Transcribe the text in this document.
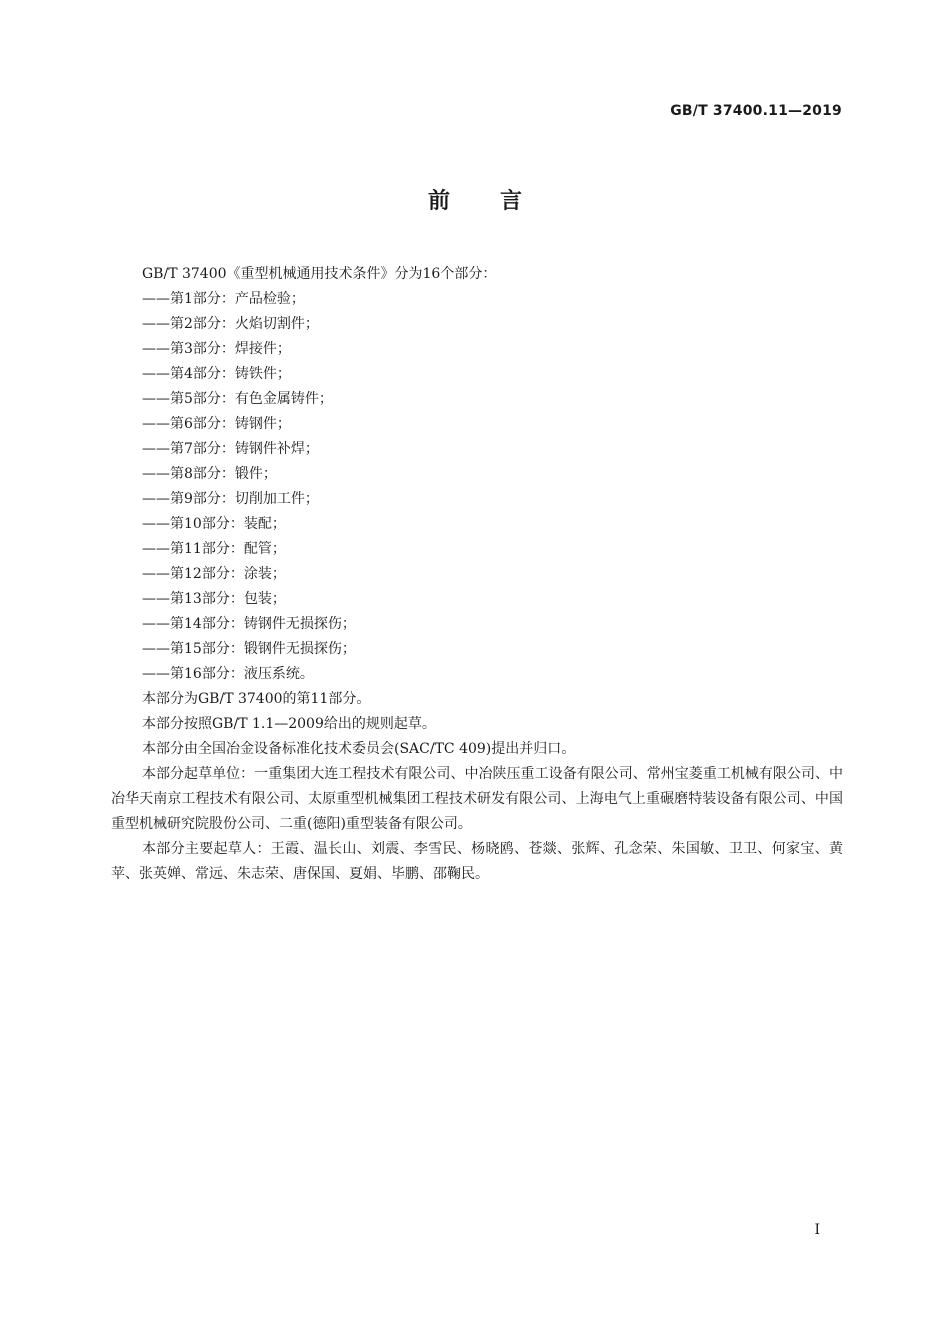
GB/T 37400.11—2019
前言

GB/T 37400《重型机械通用技术条件》分为16个部分：

——第1部分：产品检验；

——第2部分：火焰切割件；

——第3部分：焊接件；

——第4部分：铸铁件；

——第5部分：有色金属铸件；

——第6部分：铸钢件；

——第7部分：铸钢件补焊；

——第8部分：锻件；

——第9部分：切削加工件；

——第10部分：装配；

——第11部分：配管；

——第12部分：涂装；

——第13部分：包装；

——第14部分：铸钢件无损探伤；

——第15部分：锻钢件无损探伤；

——第16部分：液压系统。

本部分为GB/T 37400的第11部分。

本部分按照GB/T 1.1—2009给出的规则起草。

本部分由全国冶金设备标准化技术委员会(SAC/TC 409)提出并归口。

本部分起草单位：一重集团大连工程技术有限公司、中冶陕压重工设备有限公司、常州宝菱重工机械有限公司、中冶华天南京工程技术有限公司、太原重型机械集团工程技术研发有限公司、上海电气上重碾磨特装设备有限公司、中国重型机械研究院股份公司、二重(德阳)重型装备有限公司。

本部分主要起草人：王霞、温长山、刘震、李雪民、杨晓鸥、苍燚、张辉、孔念荣、朱国敏、卫卫、何家宝、黄苹、张英婵、常远、朱志荣、唐保国、夏娟、毕鹏、邵鞠民。

I
